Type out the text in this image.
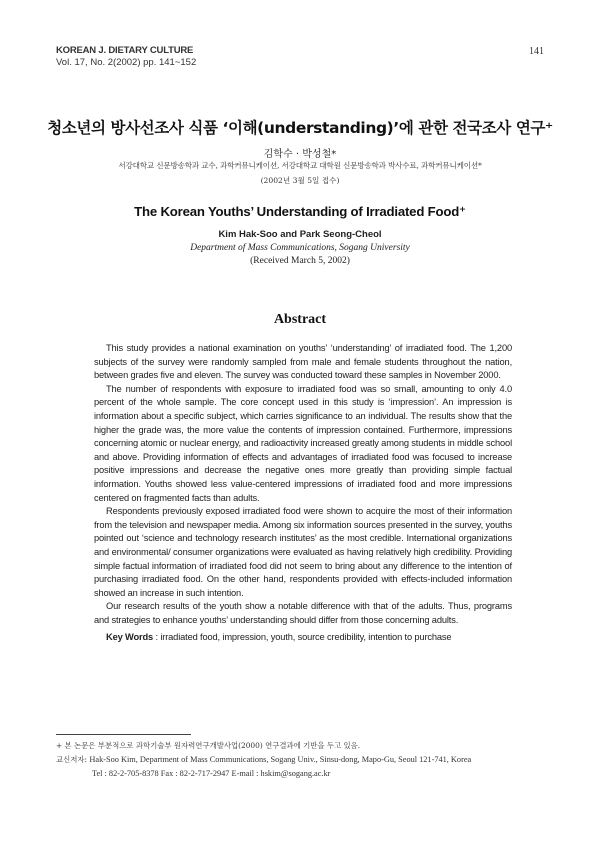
KOREAN J. DIETARY CULTURE
Vol. 17, No. 2(2002) pp. 141~152
141
청소년의 방사선조사 식품 ‘이해(understanding)’에 관한 전국조사 연구⁺
김학수 · 박성철*
서강대학교 신문방송학과 교수, 과학커뮤니케이션, 서강대학교 대학원 신문방송학과 박사수료, 과학커뮤니케이션*
(2002년 3월 5일 접수)
The Korean Youths’ Understanding of Irradiated Food⁺
Kim Hak-Soo and Park Seong-Cheol
Department of Mass Communications, Sogang University
(Received March 5, 2002)
Abstract

This study provides a national examination on youths’ ‘understanding’ of irradiated food. The 1,200 subjects of the survey were randomly sampled from male and female students throughout the nation, between grades five and eleven. The survey was conducted toward these samples in November 2000.

The number of respondents with exposure to irradiated food was so small, amounting to only 4.0 percent of the whole sample. The core concept used in this study is ‘impression’. An impression is information about a specific subject, which carries significance to an individual. The results show that the higher the grade was, the more value the contents of impression contained. Furthermore, impressions concerning atomic or nuclear energy, and radioactivity increased greatly among students in middle school and above. Providing information of effects and advantages of irradiated food was focused to increase positive impressions and decrease the negative ones more greatly than providing simple factual information. Youths showed less value-centered impressions of irradiated food and more impressions centered on fragmented facts than adults.

Respondents previously exposed irradiated food were shown to acquire the most of their information from the television and newspaper media. Among six information sources presented in the survey, youths pointed out ‘science and technology research institutes’ as the most credible. International organizations and environmental/ consumer organizations were evaluated as having relatively high credibility. Providing simple factual information of irradiated food did not seem to bring about any difference to the intention of purchasing irradiated food. On the other hand, respondents provided with effects-included information showed an increase in such intention.

Our research results of the youth show a notable difference with that of the adults. Thus, programs and strategies to enhance youths’ understanding should differ from those concerning adults.

Key Words : irradiated food, impression, youth, source credibility, intention to purchase
+ 본 논문은 부분적으로 과학기술부 원자력연구개발사업(2000) 연구결과에 기반을 두고 있음.
교신저자: Hak-Soo Kim, Department of Mass Communications, Sogang Univ., Sinsu-dong, Mapo-Gu, Seoul 121-741, Korea
Tel : 82-2-705-8378 Fax : 82-2-717-2947 E-mail : hskim@sogang.ac.kr
